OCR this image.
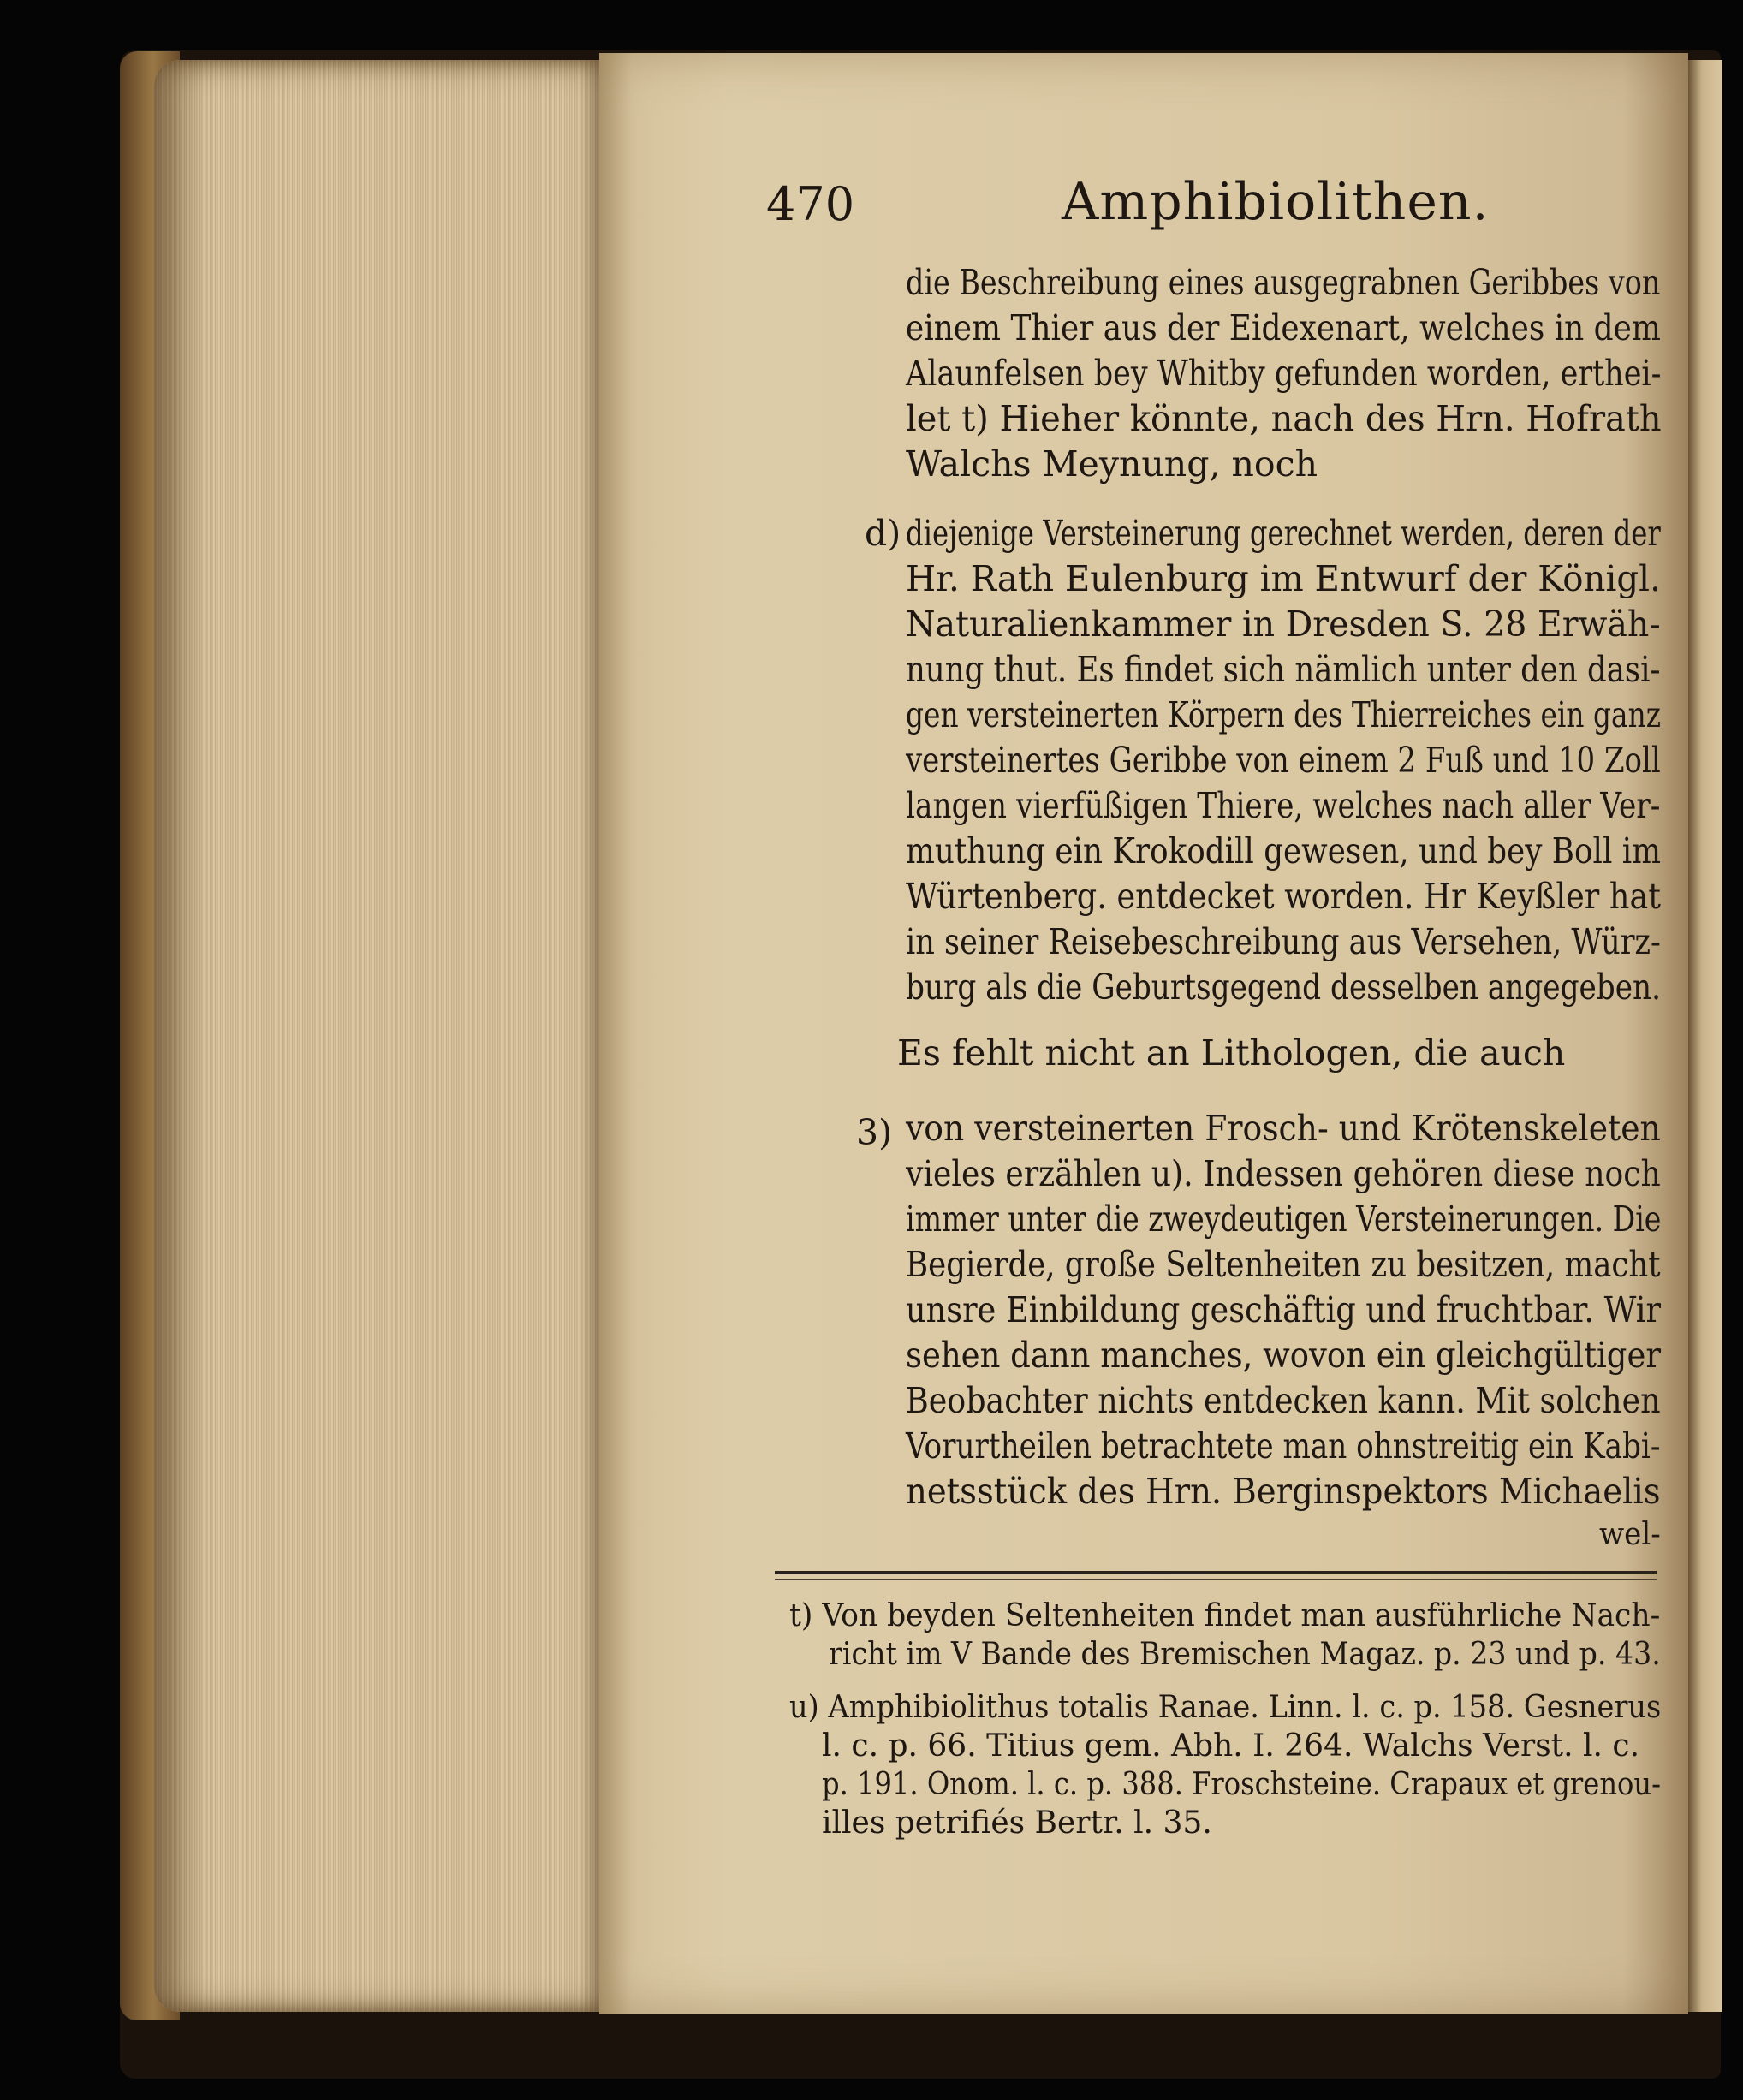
470	Amphibiolithen.
die Beschreibung eines ausgegrabnen Geribbes von
einem Thier aus der Eidexenart, welches in dem
Alaunfelsen bey Whitby gefunden worden, erthei-
let t) Hieher könnte, nach des Hrn. Hofrath
Walchs Meynung, noch
d) diejenige Versteinerung gerechnet werden, deren der
Hr. Rath Eulenburg im Entwurf der Königl.
Naturalienkammer in Dresden S. 28 Erwäh-
nung thut. Es findet sich nämlich unter den dasi-
gen versteinerten Körpern des Thierreiches ein ganz
versteinertes Geribbe von einem 2 Fuß und 10 Zoll
langen vierfüßigen Thiere, welches nach aller Ver-
muthung ein Krokodill gewesen, und bey Boll im
Würtenberg. entdecket worden. Hr Keyßler hat
in seiner Reisebeschreibung aus Versehen, Würz-
burg als die Geburtsgegend desselben angegeben.
Es fehlt nicht an Lithologen, die auch
3) von versteinerten Frosch- und Krötenskeleten
vieles erzählen u). Indessen gehören diese noch
immer unter die zweydeutigen Versteinerungen. Die
Begierde, große Seltenheiten zu besitzen, macht
unsre Einbildung geschäftig und fruchtbar. Wir
sehen dann manches, wovon ein gleichgültiger
Beobachter nichts entdecken kann. Mit solchen
Vorurtheilen betrachtete man ohnstreitig ein Kabi-
netsstück des Hrn. Berginspektors Michaelis
wel-
t) Von beyden Seltenheiten findet man ausführliche Nach-
richt im V Bande des Bremischen Magaz. p. 23 und p. 43.
u) Amphibiolithus totalis Ranae. Linn. l. c. p. 158. Gesnerus
l. c. p. 66. Titius gem. Abh. I. 264. Walchs Verst. l. c.
p. 191. Onom. l. c. p. 388. Froschsteine. Crapaux et grenou-
illes petrifiés Bertr. l. 35.
